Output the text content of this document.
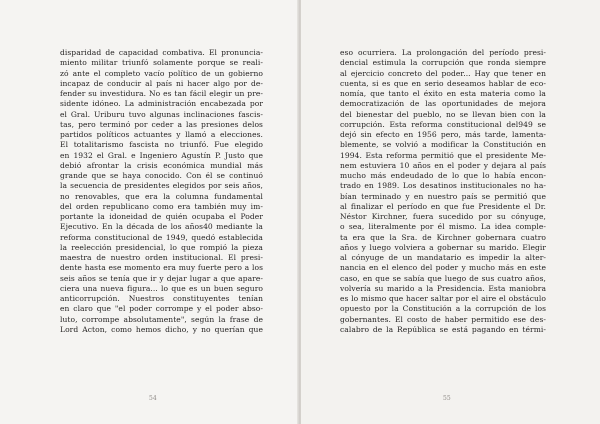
disparidad de capacidad combativa. El pronuncia-
miento militar triunfó solamente porque se reali-
zó ante el completo vacío político de un gobierno
incapaz de conducir al país ni hacer algo por de-
fender su investidura. No es tan fácil elegir un pre-
sidente idóneo. La administración encabezada por
el Gral. Uriburu tuvo algunas inclinaciones fascis-
tas, pero terminó por ceder a las presiones delos
partidos políticos actuantes y llamó a elecciones.
El totalitarismo fascista no triunfó. Fue elegido
en 1932 el Gral. e Ingeniero Agustín P. Justo que
debió afrontar la crisis económica mundial más
grande que se haya conocido. Con él se continuó
la secuencia de presidentes elegidos por seis años,
no renovables, que era la columna fundamental
del orden republicano como era también muy im-
portante la idoneidad de quién ocupaba el Poder
Ejecutivo. En la década de los años40 mediante la
reforma constitucional de 1949, quedó establecida
la reelección presidencial, lo que rompió la pieza
maestra de nuestro orden institucional. El presi-
dente hasta ese momento era muy fuerte pero a los
seis años se tenía que ir y dejar lugar a que apare-
ciera una nueva figura... lo que es un buen seguro
anticorrupción. Nuestros constituyentes tenían
en claro que "el poder corrompe y el poder abso-
luto, corrompe absolutamente", según la frase de
Lord Acton, como hemos dicho, y no querían que
54
eso ocurriera. La prolongación del período presi-
dencial estimula la corrupción que ronda siempre
al ejercicio concreto del poder... Hay que tener en
cuenta, si es que en serio deseamos hablar de eco-
nomía, que tanto el éxito en esta materia como la
democratización de las oportunidades de mejora
del bienestar del pueblo, no se llevan bien con la
corrupción. Esta reforma constitucional del949 se
dejó sin efecto en 1956 pero, más tarde, lamenta-
blemente, se volvió a modificar la Constitución en
1994. Esta reforma permitió que el presidente Me-
nem estuviera 10 años en el poder y dejara al país
mucho más endeudado de lo que lo había encon-
trado en 1989. Los desatinos institucionales no ha-
bían terminado y en nuestro país se permitió que
al finalizar el período en que fue Presidente el Dr.
Néstor Kirchner, fuera sucedido por su cónyuge,
o sea, literalmente por él mismo. La idea comple-
ta era que la Sra. de Kirchner gobernara cuatro
años y luego volviera a gobernar su marido. Elegir
al cónyuge de un mandatario es impedir la alter-
nancia en el elenco del poder y mucho más en este
caso, en que se sabía que luego de sus cuatro años,
volvería su marido a la Presidencia. Esta maniobra
es lo mismo que hacer saltar por el aire el obstáculo
opuesto por la Constitución a la corrupción de los
gobernantes. El costo de haber permitido ese des-
calabro de la República se está pagando en térmi-
55
